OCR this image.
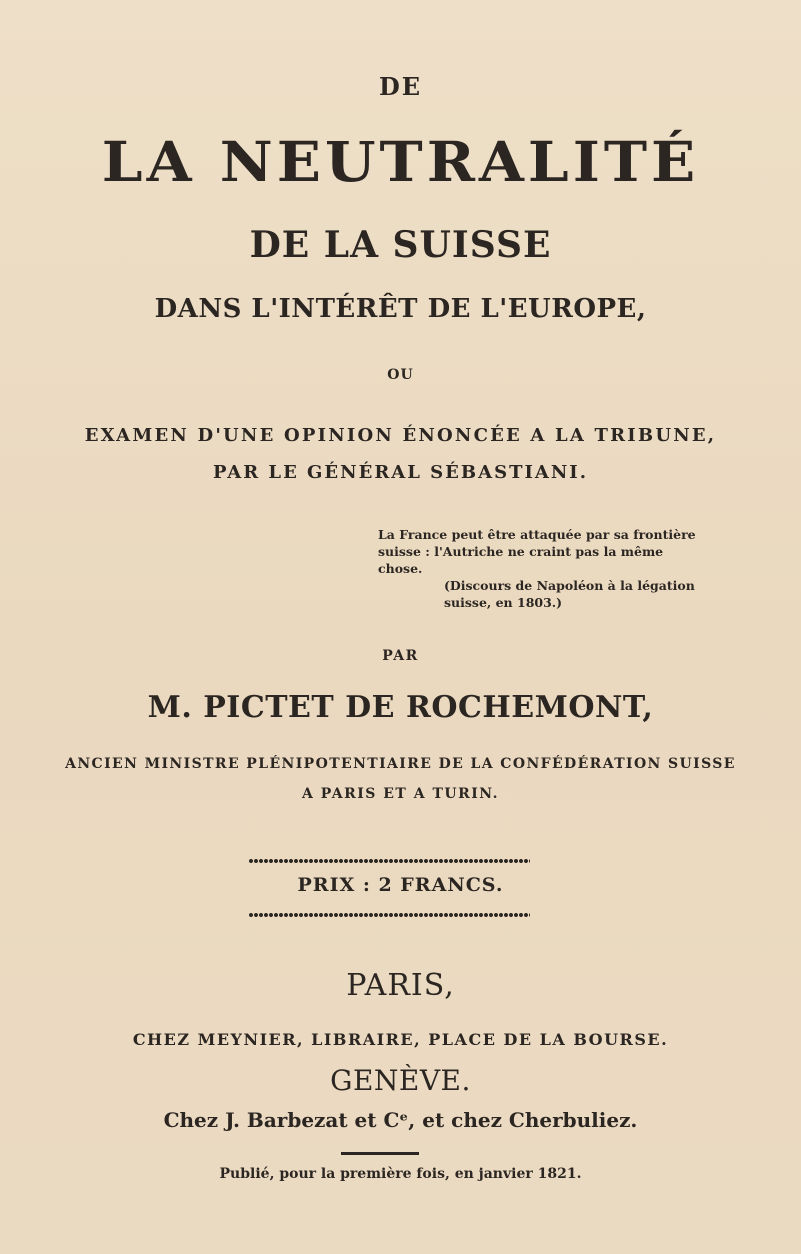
DE
LA NEUTRALITÉ
DE LA SUISSE
DANS L'INTÉRÊT DE L'EUROPE,
OU
EXAMEN D'UNE OPINION ÉNONCÉE A LA TRIBUNE,
PAR LE GÉNÉRAL SÉBASTIANI.
La France peut être attaquée par sa frontière suisse : l'Autriche ne craint pas la même chose.
(Discours de Napoléon à la légation suisse, en 1803.)
PAR
M. PICTET DE ROCHEMONT,
ANCIEN MINISTRE PLÉNIPOTENTIAIRE DE LA CONFÉDÉRATION SUISSE
A PARIS ET A TURIN.
PRIX : 2 FRANCS.
PARIS,
CHEZ MEYNIER, LIBRAIRE, PLACE DE LA BOURSE.
GENÈVE.
Chez J. Barbezat et Cᵉ, et chez Cherbuliez.
Publié, pour la première fois, en janvier 1821.
